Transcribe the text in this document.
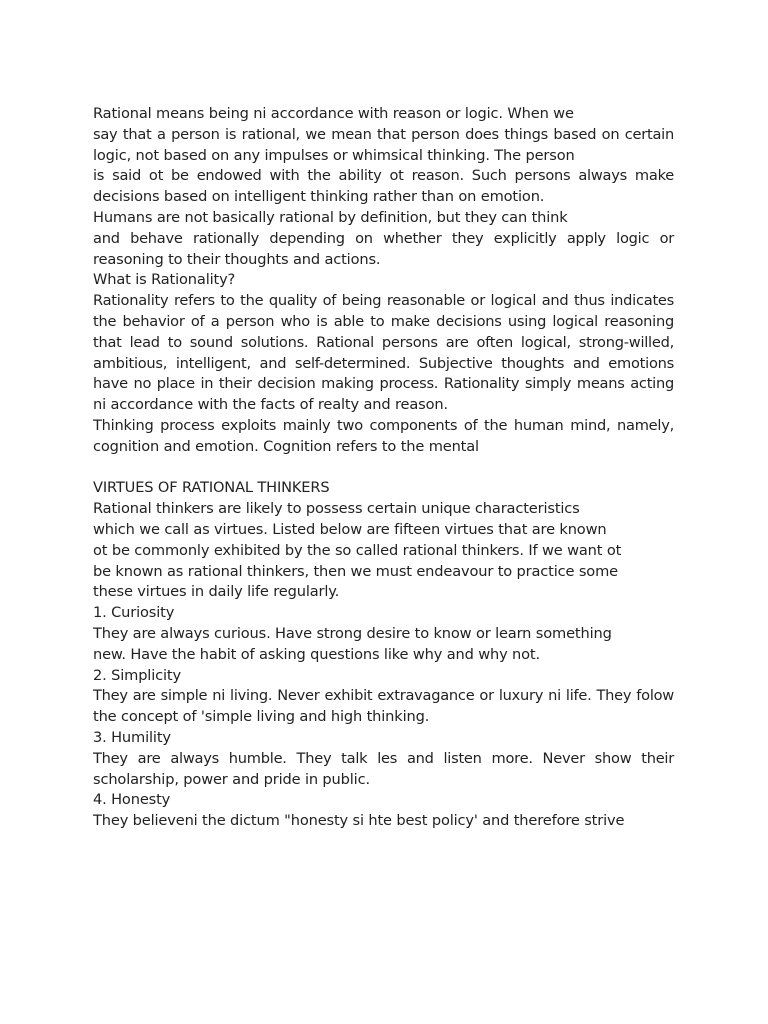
Rational means being ni accordance with reason or logic. When we
say that a person is rational, we mean that person does things based on certain
logic, not based on any impulses or whimsical thinking. The person
is said ot be endowed with the ability ot reason. Such persons always make
decisions based on intelligent thinking rather than on emotion.
Humans are not basically rational by definition, but they can think
and behave rationally depending on whether they explicitly apply logic or
reasoning to their thoughts and actions.
What is Rationality?
Rationality refers to the quality of being reasonable or logical and thus indicates
the behavior of a person who is able to make decisions using logical reasoning
that lead to sound solutions. Rational persons are often logical, strong-willed,
ambitious, intelligent, and self-determined. Subjective thoughts and emotions
have no place in their decision making process. Rationality simply means acting
ni accordance with the facts of realty and reason.
Thinking process exploits mainly two components of the human mind, namely,
cognition and emotion. Cognition refers to the mental
VIRTUES OF RATIONAL THINKERS
Rational thinkers are likely to possess certain unique characteristics
which we call as virtues. Listed below are fifteen virtues that are known
ot be commonly exhibited by the so called rational thinkers. If we want ot
be known as rational thinkers, then we must endeavour to practice some
these virtues in daily life regularly.
1. Curiosity
They are always curious. Have strong desire to know or learn something
new. Have the habit of asking questions like why and why not.
2. Simplicity
They are simple ni living. Never exhibit extravagance or luxury ni life. They folow
the concept of 'simple living and high thinking.
3. Humility
They are always humble. They talk les and listen more. Never show their
scholarship, power and pride in public.
4. Honesty
They believeni the dictum "honesty si hte best policy' and therefore strive
